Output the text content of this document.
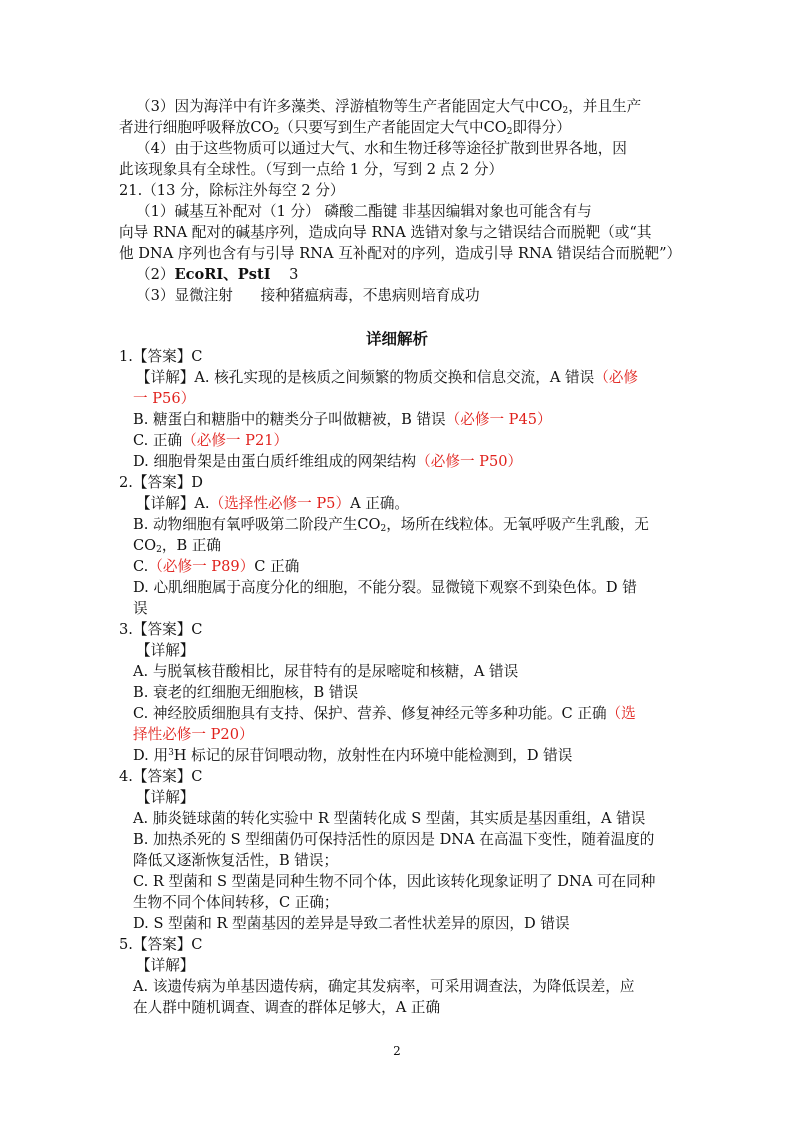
（3）因为海洋中有许多藻类、浮游植物等生产者能固定大气中$CO_2$，并且生产
者进行细胞呼吸释放$CO_2$（只要写到生产者能固定大气中$CO_2$即得分）
（4）由于这些物质可以通过大气、水和生物迁移等途径扩散到世界各地，因
此该现象具有全球性。（写到一点给 1 分，写到 2 点 2 分）
21.（13 分，除标注外每空 2 分）
（1）碱基互补配对（1 分） 磷酸二酯键 非基因编辑对象也可能含有与
向导 RNA 配对的碱基序列，造成向导 RNA 选错对象与之错误结合而脱靶（或“其
他 DNA 序列也含有与引导 RNA 互补配对的序列，造成引导 RNA 错误结合而脱靶”）
（2）EcoRⅠ、PstⅠ    3
（3）显微注射      接种猪瘟病毒，不患病则培育成功
详细解析
1.【答案】C
【详解】A. 核孔实现的是核质之间频繁的物质交换和信息交流，A 错误（必修
一 P56）
B. 糖蛋白和糖脂中的糖类分子叫做糖被，B 错误（必修一 P45）
C. 正确（必修一 P21）
D. 细胞骨架是由蛋白质纤维组成的网架结构（必修一 P50）
2.【答案】D
【详解】A.（选择性必修一 P5）A 正确。
B. 动物细胞有氧呼吸第二阶段产生$CO_2$，场所在线粒体。无氧呼吸产生乳酸，无
$CO_2$，B 正确
C.（必修一 P89）C 正确
D. 心肌细胞属于高度分化的细胞，不能分裂。显微镜下观察不到染色体。D 错
误
3.【答案】C
【详解】
A. 与脱氧核苷酸相比，尿苷特有的是尿嘧啶和核糖，A 错误
B. 衰老的红细胞无细胞核，B 错误
C. 神经胶质细胞具有支持、保护、营养、修复神经元等多种功能。C 正确（选
择性必修一 P20）
D. 用$^3$H 标记的尿苷饲喂动物，放射性在内环境中能检测到，D 错误
4.【答案】C
【详解】
A. 肺炎链球菌的转化实验中 R 型菌转化成 S 型菌，其实质是基因重组，A 错误
B. 加热杀死的 S 型细菌仍可保持活性的原因是 DNA 在高温下变性，随着温度的
降低又逐渐恢复活性，B 错误；
C. R 型菌和 S 型菌是同种生物不同个体，因此该转化现象证明了 DNA 可在同种
生物不同个体间转移，C 正确；
D. S 型菌和 R 型菌基因的差异是导致二者性状差异的原因，D 错误
5.【答案】C
【详解】
A. 该遗传病为单基因遗传病，确定其发病率，可采用调查法，为降低误差，应
在人群中随机调查、调查的群体足够大，A 正确
2
